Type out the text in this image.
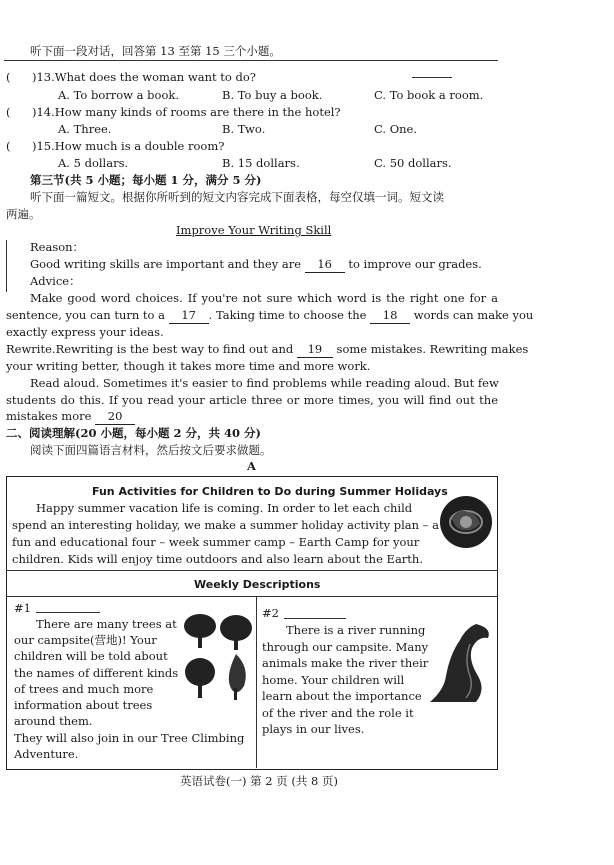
听下面一段对话，回答第 13 至第 15 三个小题。
( )13.What does the woman want to do?
A. To borrow a book.	B. To buy a book.	C. To book a room.
( )14.How many kinds of rooms are there in the hotel?
A. Three.	B. Two.	C. One.
( )15.How much is a double room?
A. 5 dollars.	B. 15 dollars.	C. 50 dollars.
第三节(共 5 小题；每小题 1 分，满分 5 分)
听下面一篇短文。根据你所听到的短文内容完成下面表格，每空仅填一词。短文读
两遍。
Improve Your Writing Skill
Reason：
Good writing skills are important and they are 16 to improve our grades.
Advice：
Make good word choices. If you're not sure which word is the right one for a
sentence, you can turn to a 17 . Taking time to choose the 18 words can make you
exactly express your ideas.
Rewrite.Rewriting is the best way to find out and 19 some mistakes. Rewriting makes
your writing better, though it takes more time and more work.
Read aloud. Sometimes it's easier to find problems while reading aloud. But few
students do this. If you read your article three or more times, you will find out the
mistakes more 20
二、阅读理解(20 小题，每小题 2 分，共 40 分)
阅读下面四篇语言材料，然后按文后要求做题。
A
Fun Activities for Children to Do during Summer Holidays
Happy summer vacation life is coming. In order to let each child
spend an interesting holiday, we make a summer holiday activity plan – a
fun and educational four – week summer camp – Earth Camp for your
children. Kids will enjoy time outdoors and also learn about the Earth.
Weekly Descriptions
#1
There are many trees at
our campsite(营地)! Your
children will be told about
the names of different kinds
of trees and much more
information about trees
around them.
They will also join in our Tree Climbing
Adventure.
#2
There is a river running
through our campsite. Many
animals make the river their
home. Your children will
learn about the importance
of the river and the role it
plays in our lives.
英语试卷(一) 第 2 页 (共 8 页)
